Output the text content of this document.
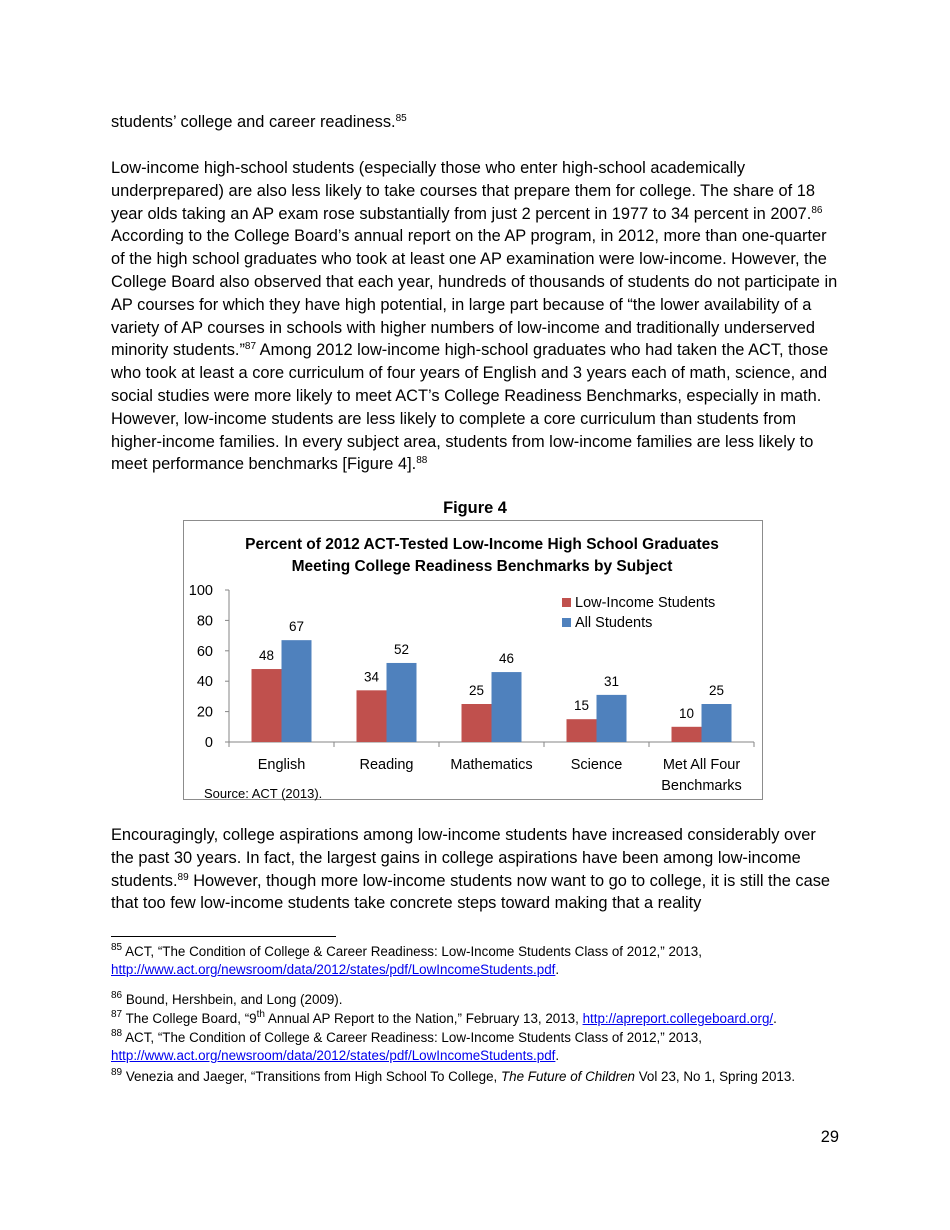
students’ college and career readiness.$^{85}$
Low-income high-school students (especially those who enter high-school academically underprepared) are also less likely to take courses that prepare them for college. The share of 18 year olds taking an AP exam rose substantially from just 2 percent in 1977 to 34 percent in 2007.86 According to the College Board’s annual report on the AP program, in 2012, more than one-quarter of the high school graduates who took at least one AP examination were low-income. However, the College Board also observed that each year, hundreds of thousands of students do not participate in AP courses for which they have high potential, in large part because of “the lower availability of a variety of AP courses in schools with higher numbers of low-income and traditionally underserved minority students.”$^{87}$ Among 2012 low-income high-school graduates who had taken the ACT, those who took at least a core curriculum of four years of English and 3 years each of math, science, and social studies were more likely to meet ACT’s College Readiness Benchmarks, especially in math. However, low-income students are less likely to complete a core curriculum than students from higher-income families. In every subject area, students from low-income families are less likely to meet performance benchmarks [Figure 4].$^{88}$
Figure 4
Percent of 2012 ACT-Tested Low-Income High School Graduates
Meeting College Readiness Benchmarks by Subject
0
20
40
60
80
100
48
67
English
34
52
Reading
25
46
Mathematics
15
31
Science
10
25
Met All Four
Benchmarks
Low-Income Students
All Students
Source: ACT (2013).
Encouragingly, college aspirations among low-income students have increased considerably over the past 30 years. In fact, the largest gains in college aspirations have been among low-income students.$^{89}$ However, though more low-income students now want to go to college, it is still the case that too few low-income students take concrete steps toward making that a reality
$^{85}$ ACT, “The Condition of College & Career Readiness: Low-Income Students Class of 2012,” 2013,
http://www.act.org/newsroom/data/2012/states/pdf/LowIncomeStudents.pdf.
$^{86}$ Bound, Hershbein, and Long (2009).
$^{87}$ The College Board, “9th Annual AP Report to the Nation,” February 13, 2013, http://apreport.collegeboard.org/.
$^{88}$ ACT, “The Condition of College & Career Readiness: Low-Income Students Class of 2012,” 2013,
http://www.act.org/newsroom/data/2012/states/pdf/LowIncomeStudents.pdf.
$^{89}$ Venezia and Jaeger, “Transitions from High School To College, The Future of Children Vol 23, No 1, Spring 2013.
29
